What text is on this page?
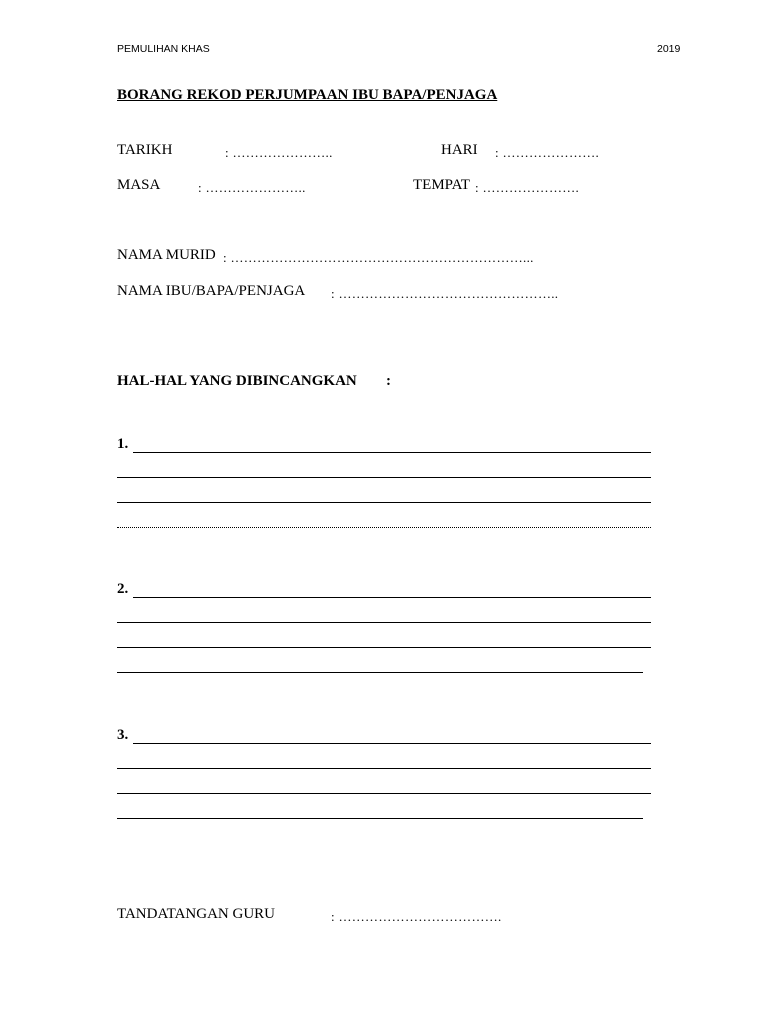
PEMULIHAN KHAS	2019
BORANG REKOD PERJUMPAAN IBU BAPA/PENJAGA
TARIKH	: …………………..	HARI : ………………….
MASA	: …………………..	TEMPAT : ………………….
NAMA MURID : …………………………………………………………...
NAMA IBU/BAPA/PENJAGA : …………………………………………..
HAL-HAL YANG DIBINCANGKAN :
1.
2.
3.
TANDATANGAN GURU	: ……………………………….
